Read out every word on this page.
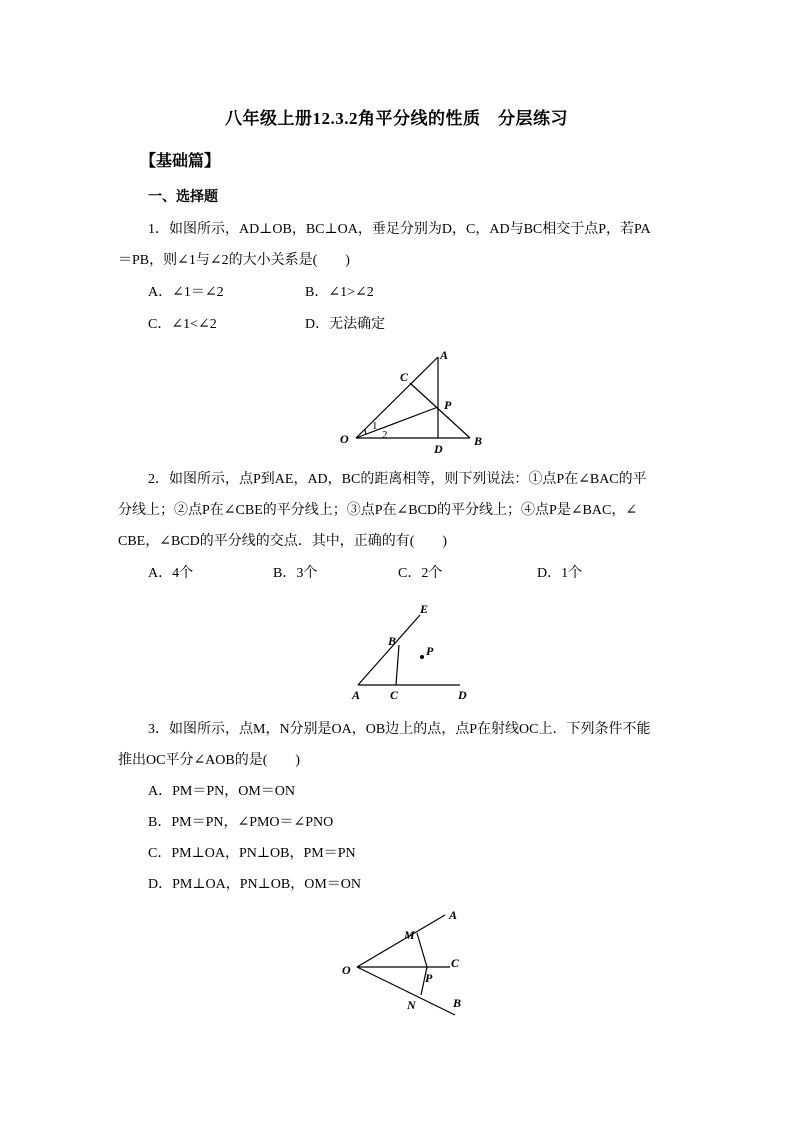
八年级上册12.3.2角平分线的性质　分层练习
【基础篇】
一、选择题
1．如图所示，AD⊥OB，BC⊥OA，垂足分别为D，C，AD与BC相交于点P，若PA
＝PB，则∠1与∠2的大小关系是(　　)
A．∠1＝∠2	B．∠1>∠2
C．∠1<∠2	D．无法确定
A
C
P
O
1
2
D
B
2．如图所示，点P到AE，AD，BC的距离相等，则下列说法：①点P在∠BAC的平
分线上；②点P在∠CBE的平分线上；③点P在∠BCD的平分线上；④点P是∠BAC，∠
CBE，∠BCD的平分线的交点．其中，正确的有(　　)
A．4个	B．3个	C．2个	D．1个
E
B
P
A C	D
3．如图所示，点M，N分别是OA，OB边上的点，点P在射线OC上．下列条件不能
推出OC平分∠AOB的是(　　)
A．PM＝PN，OM＝ON
B．PM＝PN，∠PMO＝∠PNO
C．PM⊥OA，PN⊥OB，PM＝PN
D．PM⊥OA，PN⊥OB，OM＝ON
A
M
O	C
P
N	B
